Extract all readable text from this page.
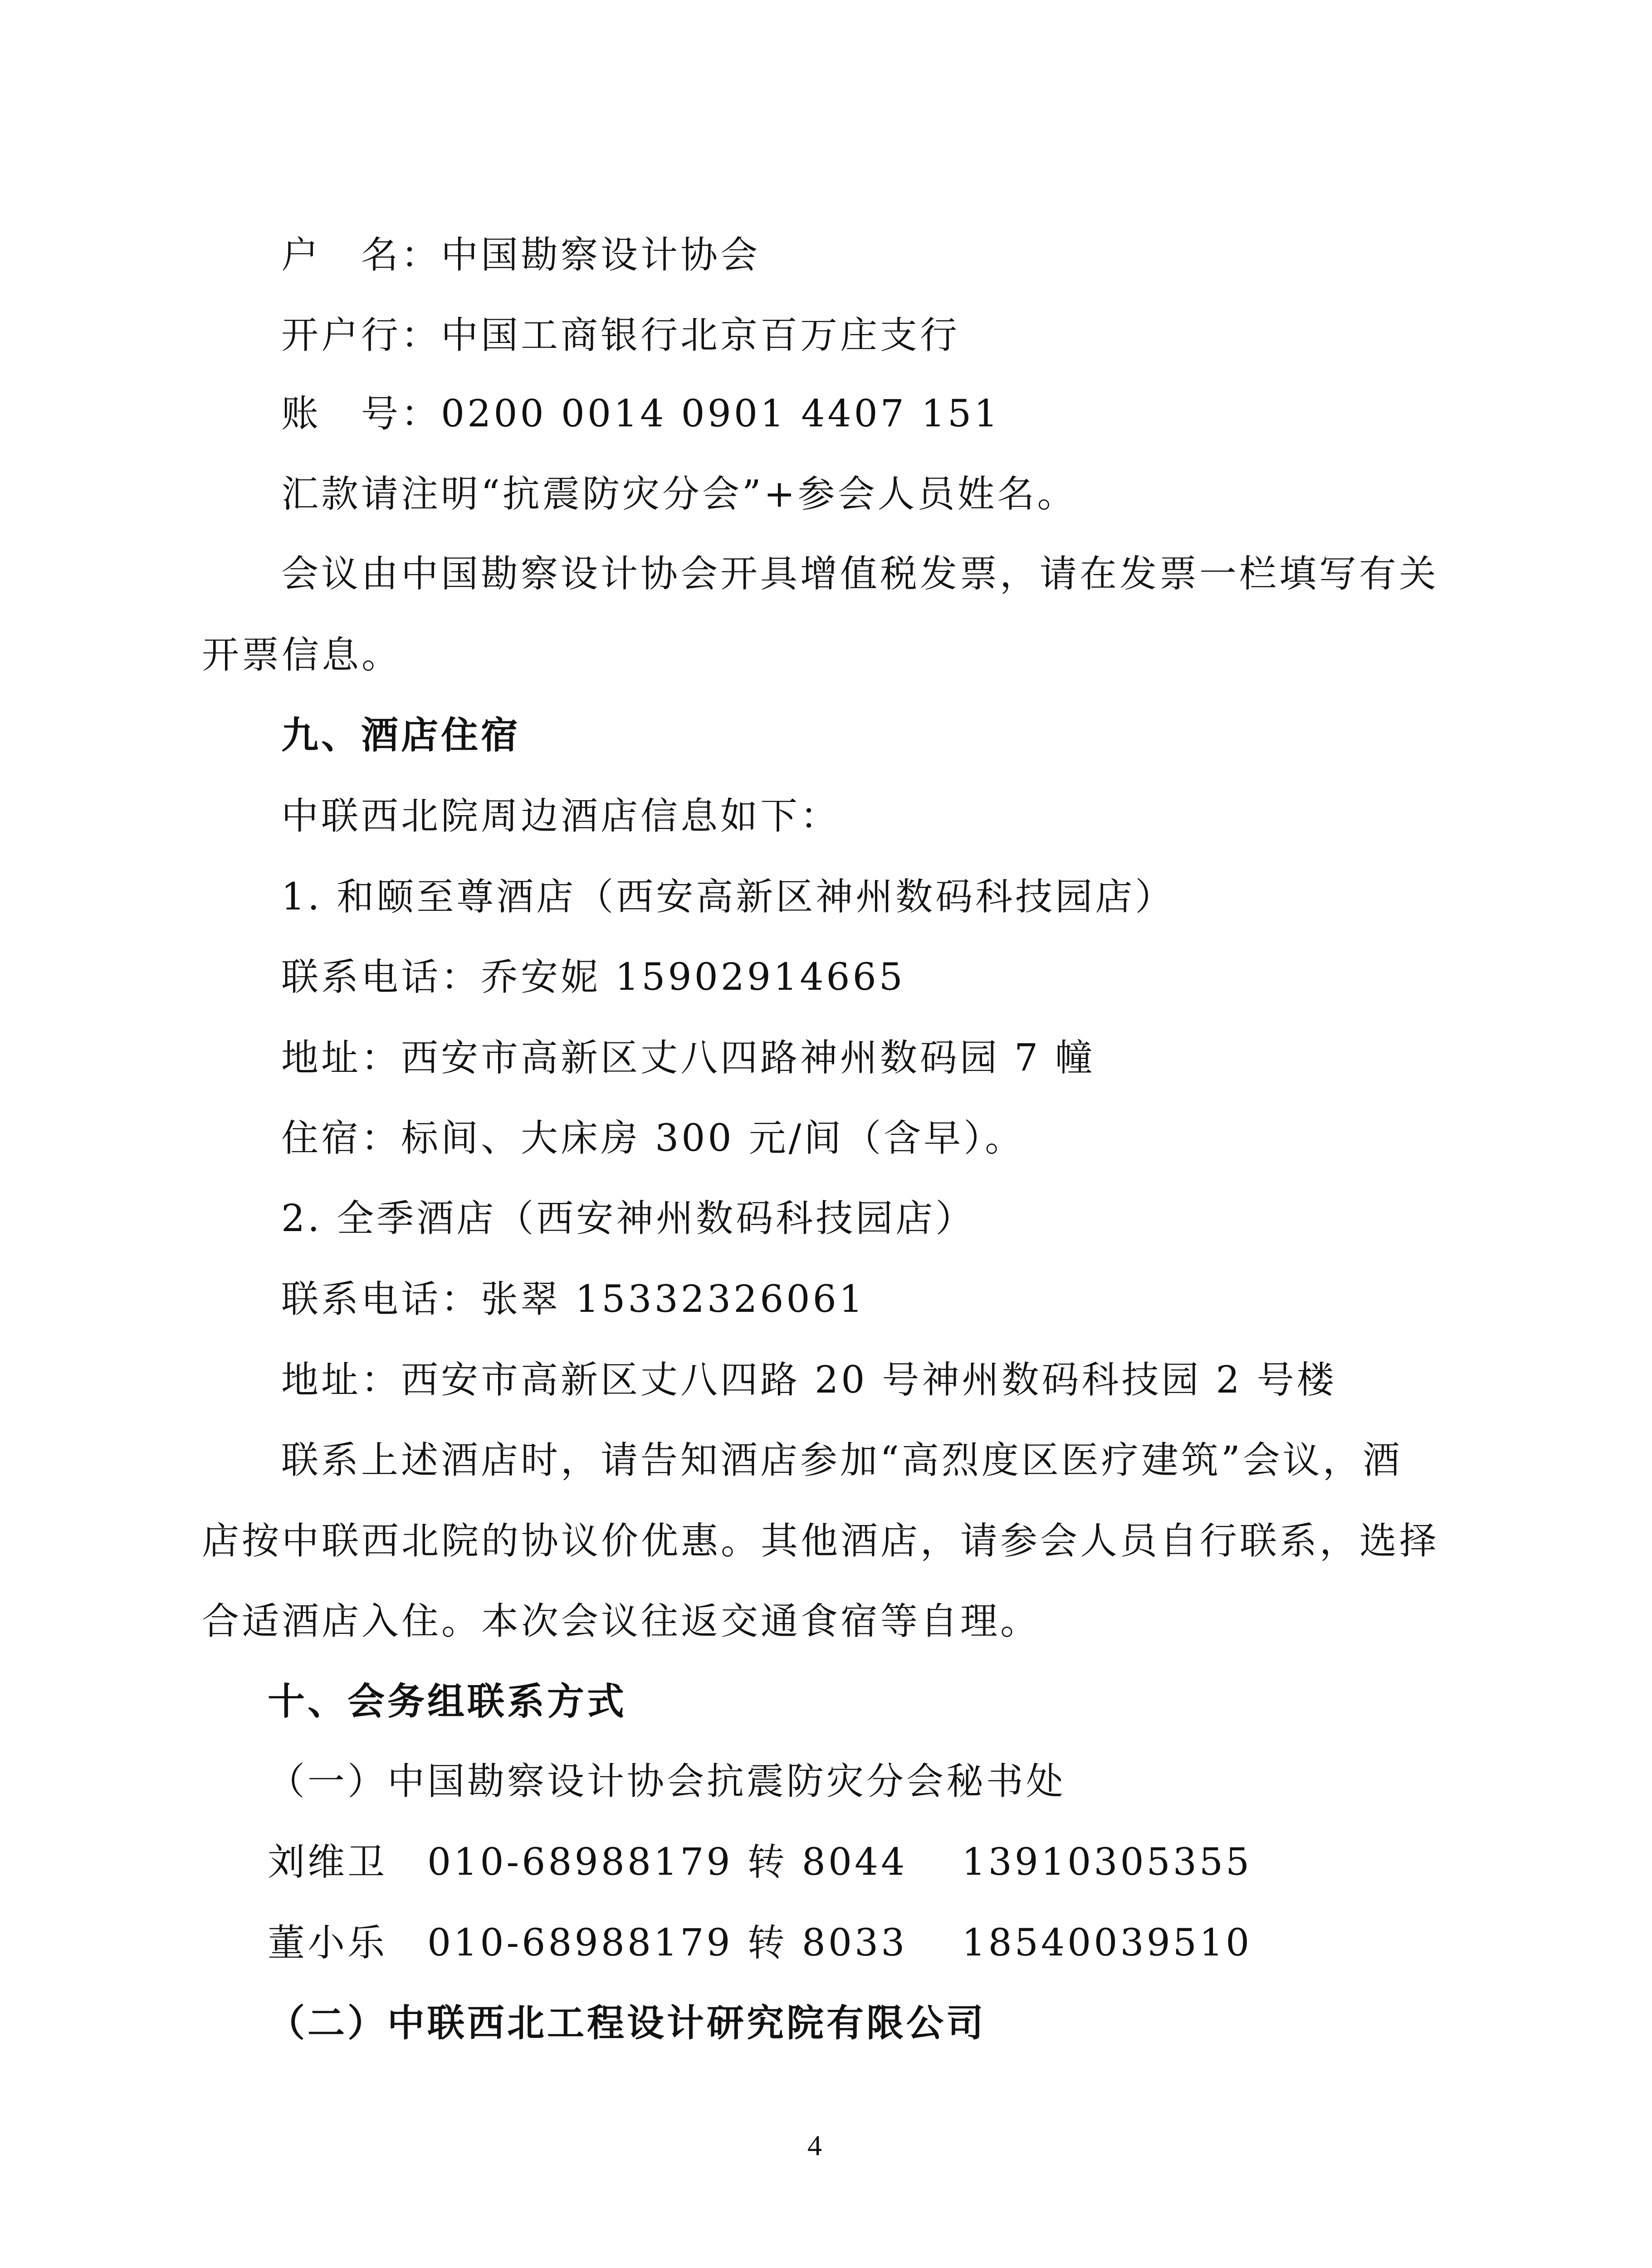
户　名：中国勘察设计协会
开户行：中国工商银行北京百万庄支行
账　号：0200 0014 0901 4407 151
汇款请注明“抗震防灾分会”+参会人员姓名。
会议由中国勘察设计协会开具增值税发票，请在发票一栏填写有关
开票信息。
九、酒店住宿
中联西北院周边酒店信息如下：
1. 和颐至尊酒店（西安高新区神州数码科技园店）
联系电话：乔安妮 15902914665
地址：西安市高新区丈八四路神州数码园 7 幢
住宿：标间、大床房 300 元/间（含早）。
2. 全季酒店（西安神州数码科技园店）
联系电话：张翠 15332326061
地址：西安市高新区丈八四路 20 号神州数码科技园 2 号楼
联系上述酒店时，请告知酒店参加“高烈度区医疗建筑”会议，酒
店按中联西北院的协议价优惠。其他酒店，请参会人员自行联系，选择
合适酒店入住。本次会议往返交通食宿等自理。
十、会务组联系方式
（一）中国勘察设计协会抗震防灾分会秘书处
刘维卫　010-68988179 转 8044　 13910305355
董小乐　010-68988179 转 8033　 18540039510
（二）中联西北工程设计研究院有限公司
4
